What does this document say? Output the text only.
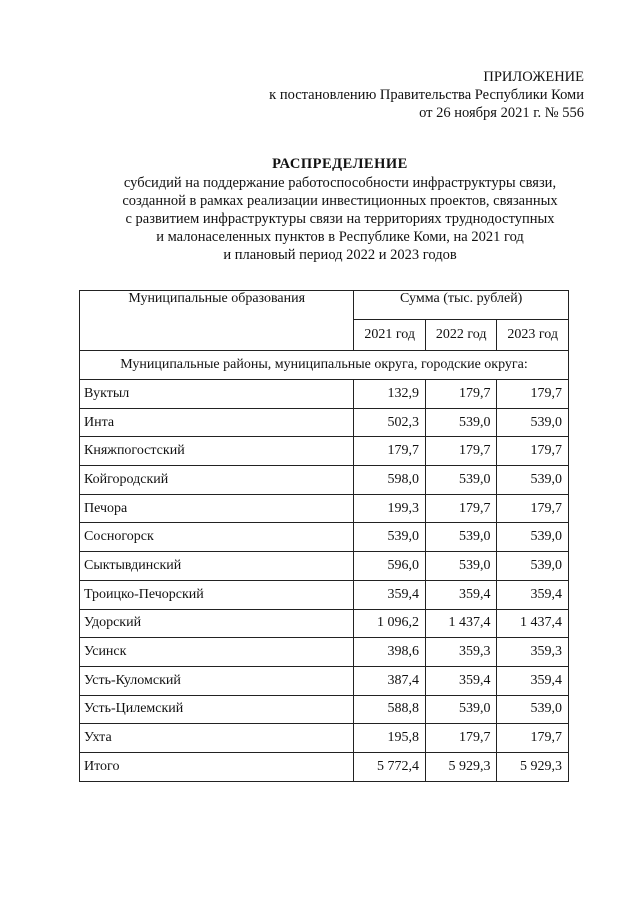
ПРИЛОЖЕНИЕ
к постановлению Правительства Республики Коми
от 26 ноября 2021 г. № 556
РАСПРЕДЕЛЕНИЕ
субсидий на поддержание работоспособности инфраструктуры связи,
созданной в рамках реализации инвестиционных проектов, связанных
с развитием инфраструктуры связи на территориях труднодоступных
и малонаселенных пунктов в Республике Коми, на 2021 год
и плановый период 2022 и 2023 годов
Муниципальные образования	Сумма (тыс. рублей)		
	2021 год	2022 год	2023 год
Муниципальные районы, муниципальные округа, городские округа:			
Вуктыл	132,9	179,7	179,7
Инта	502,3	539,0	539,0
Княжпогостский	179,7	179,7	179,7
Койгородский	598,0	539,0	539,0
Печора	199,3	179,7	179,7
Сосногорск	539,0	539,0	539,0
Сыктывдинский	596,0	539,0	539,0
Троицко-Печорский	359,4	359,4	359,4
Удорский	1 096,2	1 437,4	1 437,4
Усинск	398,6	359,3	359,3
Усть-Куломский	387,4	359,4	359,4
Усть-Цилемский	588,8	539,0	539,0
Ухта	195,8	179,7	179,7
Итого	5 772,4	5 929,3	5 929,3
